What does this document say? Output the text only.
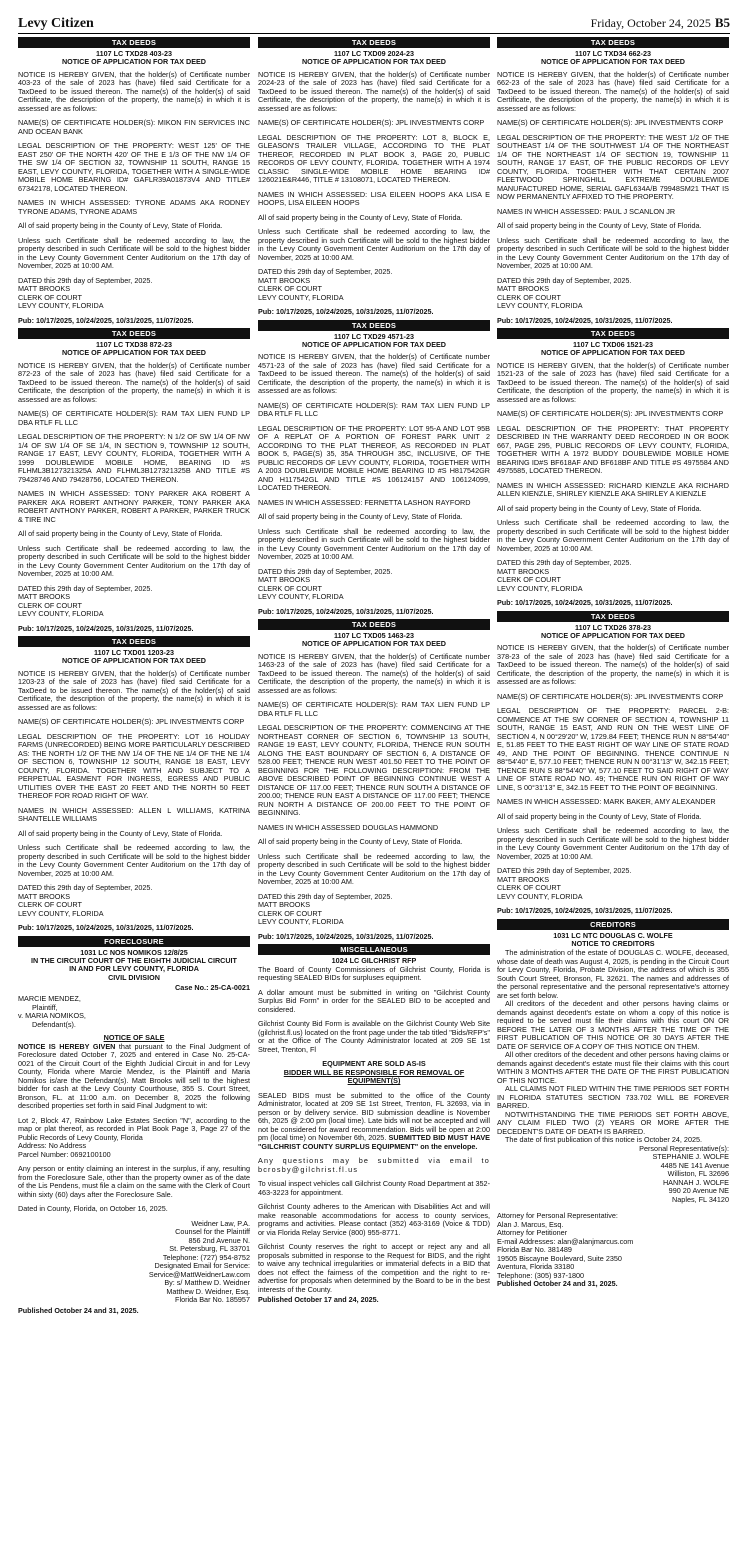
Levy Citizen	Friday, October 24, 2025 B5
TAX DEEDS
1107 LC TXD28 403-23
NOTICE OF APPLICATION FOR TAX DEED
NOTICE IS HEREBY GIVEN, that the holder(s) of Certificate number 403-23 of the sale of 2023 has (have) filed said Certificate for a TaxDeed to be issued thereon. The name(s) of the holder(s) of said Certificate, the description of the property, the name(s) in which it is assessed are as follows:
NAME(S) OF CERTIFICATE HOLDER(S): MIKON FIN SERVICES INC AND OCEAN BANK
LEGAL DESCRIPTION OF THE PROPERTY: WEST 125' OF THE EAST 250' OF THE NORTH 420' OF THE E 1/3 OF THE NW 1/4 OF THE SW 1/4 OF SECTION 32, TOWNSHIP 11 SOUTH, RANGE 15 EAST, LEVY COUNTY, FLORIDA, TOGETHER WITH A SINGLE-WIDE MOBILE HOME BEARING ID# GAFLR39A01873V4 AND TITLE# 67342178, LOCATED THEREON.
NAMES IN WHICH ASSESSED: TYRONE ADAMS AKA RODNEY TYRONE ADAMS, TYRONE ADAMS
All of said property being in the County of Levy, State of Florida.
Unless such Certificate shall be redeemed according to law, the property described in such Certificate will be sold to the highest bidder in the Levy County Government Center Auditorium on the 17th day of November, 2025 at 10:00 AM.
DATED this 29th day of September, 2025.
MATT BROOKS
CLERK OF COURT
LEVY COUNTY, FLORIDA
Pub: 10/17/2025, 10/24/2025, 10/31/2025, 11/07/2025.
TAX DEEDS
1107 LC TXD38 872-23
NOTICE OF APPLICATION FOR TAX DEED
NOTICE IS HEREBY GIVEN, that the holder(s) of Certificate number 872-23 of the sale of 2023 has (have) filed said Certificate for a TaxDeed to be issued thereon. The name(s) of the holder(s) of said Certificate, the description of the property, the name(s) in which it is assessed are as follows:
NAME(S) OF CERTIFICATE HOLDER(S): RAM TAX LIEN FUND LP DBA RTLF FL LLC
LEGAL DESCRIPTION OF THE PROPERTY: N 1/2 OF SW 1/4 OF NW 1/4 OF SW 1/4 OF SE 1/4, IN SECTION 9, TOWNSHIP 12 SOUTH, RANGE 17 EAST, LEVY COUNTY, FLORIDA, TOGETHER WITH A 1999 DOUBLEWIDE MOBILE HOME, BEARING ID #S FLHML3B127321325A AND FLHML3B127321325B AND TITLE #S 79428746 AND 79428756, LOCATED THEREON.
NAMES IN WHICH ASSESSED: TONY PARKER AKA ROBERT A PARKER AKA ROBERT ANTHONY PARKER, TONY PARKER AKA ROBERT ANTHONY PARKER, ROBERT A PARKER, PARKER TRUCK & TIRE INC
All of said property being in the County of Levy, State of Florida.
Unless such Certificate shall be redeemed according to law, the property described in such Certificate will be sold to the highest bidder in the Levy County Government Center Auditorium on the 17th day of November, 2025 at 10:00 AM.
DATED this 29th day of September, 2025.
MATT BROOKS
CLERK OF COURT
LEVY COUNTY, FLORIDA
Pub: 10/17/2025, 10/24/2025, 10/31/2025, 11/07/2025.
TAX DEEDS
1107 LC TXD01 1203-23
NOTICE OF APPLICATION FOR TAX DEED
NOTICE IS HEREBY GIVEN, that the holder(s) of Certificate number 1203-23 of the sale of 2023 has (have) filed said Certificate for a TaxDeed to be issued thereon. The name(s) of the holder(s) of said Certificate, the description of the property, the name(s) in which it is assessed are as follows:
NAME(S) OF CERTIFICATE HOLDER(S): JPL INVESTMENTS CORP
LEGAL DESCRIPTION OF THE PROPERTY: LOT 16 HOLIDAY FARMS (UNRECORDED) BEING MORE PARTICULARLY DESCRIBED AS: THE NORTH 1/2 OF THE NW 1/4 OF THE NE 1/4 OF THE NE 1/4 OF SECTION 6, TOWNSHIP 12 SOUTH, RANGE 18 EAST, LEVY COUNTY, FLORIDA. TOGETHER WITH AND SUBJECT TO A PERPETUAL EASMENT FOR INGRESS, EGRESS AND PUBLIC UTILITIES OVER THE EAST 20 FEET AND THE NORTH 50 FEET THEREOF FOR ROAD RIGHT OF WAY.
NAMES IN WHICH ASSESSED: ALLEN L WILLIAMS, KATRINA SHANTELLE WILLIAMS
All of said property being in the County of Levy, State of Florida.
Unless such Certificate shall be redeemed according to law, the property described in such Certificate will be sold to the highest bidder in the Levy County Government Center Auditorium on the 17th day of November, 2025 at 10:00 AM.
DATED this 29th day of September, 2025.
MATT BROOKS
CLERK OF COURT
LEVY COUNTY, FLORIDA
Pub: 10/17/2025, 10/24/2025, 10/31/2025, 11/07/2025.
FORECLOSURE
1031 LC NOS NOMIKOS 12/8/25
IN THE CIRCUIT COURT OF THE EIGHTH JUDICIAL CIRCUIT
IN AND FOR LEVY COUNTY, FLORIDA
CIVIL DIVISION
Case No.: 25-CA-0021
MARCIE MENDEZ,
Plaintiff,
v. MARIA NOMIKOS,
Defendant(s).
NOTICE OF SALE
NOTICE IS HEREBY GIVEN that pursuant to the Final Judgment of Foreclosure dated October 7, 2025 and entered in Case No. 25-CA-0021 of the Circuit Court of the Eighth Judicial Circuit in and for Levy County, Florida where Marcie Mendez, is the Plaintiff and Maria Nomikos is/are the Defendant(s). Matt Brooks will sell to the highest bidder for cash at the Levy County Courthouse, 355 S. Court Street, Bronson, FL. at 11:00 a.m. on December 8, 2025 the following described properties set forth in said Final Judgment to wit:
Lot 2, Block 47, Rainbow Lake Estates Section "N", according to the map or plat thereof, as recorded in Plat Book Page 3, Page 27 of the Public Records of Levy County, Florida
Address: No Address
Parcel Number: 0692100100
Any person or entity claiming an interest in the surplus, if any, resulting from the Foreclosure Sale, other than the property owner as of the date of the Lis Pendens, must file a claim on the same with the Clerk of Court within sixty (60) days after the Foreclosure Sale.
Dated in County, Florida, on October 16, 2025.
Weidner Law, P.A.
Counsel for the Plaintiff
856 2nd Avenue N.
St. Petersburg, FL 33701
Telephone: (727) 954-8752
Designated Email for Service:
Service@MattWeidnerLaw.com
By: s/ Matthew D. Weidner
Matthew D. Weidner, Esq.
Florida Bar No. 185957
Published October 24 and 31, 2025.
TAX DEEDS
1107 LC TXD09 2024-23
NOTICE OF APPLICATION FOR TAX DEED
NOTICE IS HEREBY GIVEN, that the holder(s) of Certificate number 2024-23 of the sale of 2023 has (have) filed said Certificate for a TaxDeed to be issued thereon. The name(s) of the holder(s) of said Certificate, the description of the property, the name(s) in which it is assessed are as follows:
NAME(S) OF CERTIFICATE HOLDER(S): JPL INVESTMENTS CORP
LEGAL DESCRIPTION OF THE PROPERTY: LOT 8, BLOCK E, GLEASON'S TRAILER VILLAGE, ACCORDING TO THE PLAT THEREOF, RECORDED IN PLAT BOOK 3, PAGE 20, PUBLIC RECORDS OF LEVY COUNTY, FLORIDA. TOGETHER WITH A 1974 CLASSIC SINGLE-WIDE MOBILE HOME BEARING ID# 126021E&R446, TITLE # 13108071, LOCATED THEREON.
NAMES IN WHICH ASSESSED: LISA EILEEN HOOPS AKA LISA E HOOPS, LISA EILEEN HOOPS
All of said property being in the County of Levy, State of Florida.
Unless such Certificate shall be redeemed according to law, the property described in such Certificate will be sold to the highest bidder in the Levy County Government Center Auditorium on the 17th day of November, 2025 at 10:00 AM.
DATED this 29th day of September, 2025.
MATT BROOKS
CLERK OF COURT
LEVY COUNTY, FLORIDA
Pub: 10/17/2025, 10/24/2025, 10/31/2025, 11/07/2025.
TAX DEEDS
1107 LC TXD29 4571-23
NOTICE OF APPLICATION FOR TAX DEED
NOTICE IS HEREBY GIVEN, that the holder(s) of Certificate number 4571-23 of the sale of 2023 has (have) filed said Certificate for a TaxDeed to be issued thereon. The name(s) of the holder(s) of said Certificate, the description of the property, the name(s) in which it is assessed are as follows:
NAME(S) OF CERTIFICATE HOLDER(S): RAM TAX LIEN FUND LP DBA RTLF FL LLC
LEGAL DESCRIPTION OF THE PROPERTY: LOT 95-A AND LOT 95B OF A REPLAT OF A PORTION OF FOREST PARK UNIT 2 ACCORDING TO THE PLAT THEREOF, AS RECORDED IN PLAT BOOK 5, PAGE(S) 35, 35A THROUGH 35C, INCLUSIVE, OF THE PUBLIC RECORDS OF LEVY COUNTY, FLORIDA, TOGETHER WITH A 2003 DOUBLEWIDE MOBILE HOME BEARING ID #S H817542GR AND H117542GL AND TITLE #S 106124157 AND 106124099, LOCATED THEREON.
NAMES IN WHICH ASSESSED: FERNETTA LASHON RAYFORD
All of said property being in the County of Levy, State of Florida.
Unless such Certificate shall be redeemed according to law, the property described in such Certificate will be sold to the highest bidder in the Levy County Government Center Auditorium on the 17th day of November, 2025 at 10:00 AM.
DATED this 29th day of September, 2025.
MATT BROOKS
CLERK OF COURT
LEVY COUNTY, FLORIDA
Pub: 10/17/2025, 10/24/2025, 10/31/2025, 11/07/2025.
TAX DEEDS
1107 LC TXD05 1463-23
NOTICE OF APPLICATION FOR TAX DEED
NOTICE IS HEREBY GIVEN, that the holder(s) of Certificate number 1463-23 of the sale of 2023 has (have) filed said Certificate for a TaxDeed to be issued thereon. The name(s) of the holder(s) of said Certificate, the description of the property, the name(s) in which it is assessed are as follows:
NAME(S) OF CERTIFICATE HOLDER(S): RAM TAX LIEN FUND LP DBA RTLF FL LLC
LEGAL DESCRIPTION OF THE PROPERTY: COMMENCING AT THE NORTHEAST CORNER OF SECTION 6, TOWNSHIP 13 SOUTH, RANGE 19 EAST, LEVY COUNTY, FLORIDA, THENCE RUN SOUTH ALONG THE EAST BOUNDARY OF SECTION 6, A DISTANCE OF 528.00 FEET; THENCE RUN WEST 401.50 FEET TO THE POINT OF BEGINNING FOR THE FOLLOWING DESCRIPTION: FROM THE ABOVE DESCRIBED POINT OF BEGINNING CONTINUE WEST A DISTANCE OF 117.00 FEET; THENCE RUN SOUTH A DISTANCE OF 200.00; THENCE RUN EAST A DISTANCE OF 117.00 FEET; THENCE RUN NORTH A DISTANCE OF 200.00 FEET TO THE POINT OF BEGINNING.
NAMES IN WHICH ASSESSED DOUGLAS HAMMOND
All of said property being in the County of Levy, State of Florida.
Unless such Certificate shall be redeemed according to law, the property described in such Certificate will be sold to the highest bidder in the Levy County Government Center Auditorium on the 17th day of November, 2025 at 10:00 AM.
DATED this 29th day of September, 2025.
MATT BROOKS
CLERK OF COURT
LEVY COUNTY, FLORIDA
Pub: 10/17/2025, 10/24/2025, 10/31/2025, 11/07/2025.
MISCELLANEOUS
1024 LC GILCHRIST RFP
The Board of County Commissioners of Gilchrist County, Florida is requesting SEALED BIDs for surpluses equipment.
A dollar amount must be submitted in writing on "Gilchrist County Surplus Bid Form" in order for the SEALED BID to be accepted and considered.
Gilchrist County Bid Form is available on the Gilchrist County Web Site (gilchrist.fl.us) located on the front page under the tab titled "Bids/RFP's" or at the Office of The County Administrator located at 209 SE 1st Street, Trenton, Fl
EQUIPMENT ARE SOLD AS-IS
BIDDER WILL BE RESPONSIBLE FOR REMOVAL OF EQUIPMENT(S)
SEALED BIDS must be submitted to the office of the County Administrator, located at 209 SE 1st Street, Trenton, FL 32693, via in person or by delivery service. BID submission deadline is November 6th, 2025 @ 2:00 pm (local time). Late bids will not be accepted and will not be considered for award recommendation. Bids will be open at 2:00 pm (local time) on November 6th, 2025. SUBMITTED BID MUST HAVE "GILCHRIST COUNTY SURPLUS EQUIPMENT" on the envelope.
Any questions may be submitted via email to bcrosby@gilchrist.fl.us
To visual inspect vehicles call Gilchrist County Road Department at 352-463-3223 for appointment.
Gilchrist County adheres to the American with Disabilities Act and will make reasonable accommodations for access to county services, programs and activities. Please contact (352) 463-3169 (Voice & TDD) or via Florida Relay Service (800) 955-8771.
Gilchrist County reserves the right to accept or reject any and all proposals submitted in response to the Request for BIDS, and the right to waive any technical irregularities or immaterial defects in a BID that does not effect the fairness of the competition and the right to re-advertise for proposals when determined by the Board to be in the best interests of the County.
Published October 17 and 24, 2025.
TAX DEEDS
1107 LC TXD34 662-23
NOTICE OF APPLICATION FOR TAX DEED
NOTICE IS HEREBY GIVEN, that the holder(s) of Certificate number 662-23 of the sale of 2023 has (have) filed said Certificate for a TaxDeed to be issued thereon. The name(s) of the holder(s) of said Certificate, the description of the property, the name(s) in which it is assessed are as follows:
NAME(S) OF CERTIFICATE HOLDER(S): JPL INVESTMENTS CORP
LEGAL DESCRIPTION OF THE PROPERTY: THE WEST 1/2 OF THE SOUTHEAST 1/4 OF THE SOUTHWEST 1/4 OF THE NORTHEAST 1/4 OF THE NORTHEAST 1/4 OF SECTION 19, TOWNSHIP 11 SOUTH, RANGE 17 EAST, OF THE PUBLIC RECORDS OF LEVY COUNTY, FLORIDA. TOGETHER WITH THAT CERTAIN 2007 FLEETWOOD SPRINGHILL EXTREME DOUBLEWIDE MANUFACTURED HOME, SERIAL GAFL634A/B 79948SM21 THAT IS NOW PERMANENTLY AFFIXED TO THE PROPERTY.
NAMES IN WHICH ASSESSED: PAUL J SCANLON JR
All of said property being in the County of Levy, State of Florida.
Unless such Certificate shall be redeemed according to law, the property described in such Certificate will be sold to the highest bidder in the Levy County Government Center Auditorium on the 17th day of November, 2025 at 10:00 AM.
DATED this 29th day of September, 2025.
MATT BROOKS
CLERK OF COURT
LEVY COUNTY, FLORIDA
Pub: 10/17/2025, 10/24/2025, 10/31/2025, 11/07/2025.
TAX DEEDS
1107 LC TXD06 1521-23
NOTICE OF APPLICATION FOR TAX DEED
NOTICE IS HEREBY GIVEN, that the holder(s) of Certificate number 1521-23 of the sale of 2023 has (have) filed said Certificate for a TaxDeed to be issued thereon. The name(s) of the holder(s) of said Certificate, the description of the property, the name(s) in which it is assessed are as follows:
NAME(S) OF CERTIFICATE HOLDER(S): JPL INVESTMENTS CORP
LEGAL DESCRIPTION OF THE PROPERTY: THAT PROPERTY DESCRIBED IN THE WARRANTY DEED RECORDED IN OR BOOK 667, PAGE 295, PUBLIC RECORDS OF LEVY COUNTY, FLORIDA, TOGETHER WITH A 1972 BUDDY DOUBLEWIDE MOBILE HOME BEARING ID#S BF618AF AND BF618BF AND TITLE #S 4975584 AND 4975585, LOCATED THEREON.
NAMES IN WHICH ASSESSED: RICHARD KIENZLE AKA RICHARD ALLEN KIENZLE, SHIRLEY KIENZLE AKA SHIRLEY A KIENZLE
All of said property being in the County of Levy, State of Florida.
Unless such Certificate shall be redeemed according to law, the property described in such Certificate will be sold to the highest bidder in the Levy County Government Center Auditorium on the 17th day of November, 2025 at 10:00 AM.
DATED this 29th day of September, 2025.
MATT BROOKS
CLERK OF COURT
LEVY COUNTY, FLORIDA
Pub: 10/17/2025, 10/24/2025, 10/31/2025, 11/07/2025.
TAX DEEDS
1107 LC TXD26 378-23
NOTICE OF APPLICATION FOR TAX DEED
NOTICE IS HEREBY GIVEN, that the holder(s) of Certificate number 378-23 of the sale of 2023 has (have) filed said Certificate for a TaxDeed to be issued thereon. The name(s) of the holder(s) of said Certificate, the description of the property, the name(s) in which it is assessed are as follows:
NAME(S) OF CERTIFICATE HOLDER(S): JPL INVESTMENTS CORP
LEGAL DESCRIPTION OF THE PROPERTY: PARCEL 2-B: COMMENCE AT THE SW CORNER OF SECTION 4, TOWNSHIP 11 SOUTH, RANGE 15 EAST, AND RUN ON THE WEST LINE OF SECTION 4, N 00°29'20" W, 1729.84 FEET; THENCE RUN N 88°54'40" E, 51.85 FEET TO THE EAST RIGHT OF WAY LINE OF STATE ROAD 49, AND THE POINT OF BEGINNING. THENCE CONTINUE N 88°54'40" E, 577.10 FEET; THENCE RUN N 00°31'13" W, 342.15 FEET; THENCE RUN S 88°54'40" W, 577.10 FEET TO SAID RIGHT OF WAY LINE OF STATE ROAD NO. 49; THENCE RUN ON RIGHT OF WAY LINE, S 00°31'13" E, 342.15 FEET TO THE POINT OF BEGINNING.
NAMES IN WHICH ASSESSED: MARK BAKER, AMY ALEXANDER
All of said property being in the County of Levy, State of Florida.
Unless such Certificate shall be redeemed according to law, the property described in such Certificate will be sold to the highest bidder in the Levy County Government Center Auditorium on the 17th day of November, 2025 at 10:00 AM.
DATED this 29th day of September, 2025.
MATT BROOKS
CLERK OF COURT
LEVY COUNTY, FLORIDA
Pub: 10/17/2025, 10/24/2025, 10/31/2025, 11/07/2025.
CREDITORS
1031 LC NTC DOUGLAS C. WOLFE
NOTICE TO CREDITORS
The administration of the estate of DOUGLAS C. WOLFE, deceased, whose date of death was August 4, 2025, is pending in the Circuit Court for Levy County, Florida, Probate Division, the address of which is 355 South Court Street, Bronson, FL 32621. The names and addresses of the personal representative and the personal representative's attorney are set forth below.
All creditors of the decedent and other persons having claims or demands against decedent's estate on whom a copy of this notice is required to be served must file their claims with this court ON OR BEFORE THE LATER OF 3 MONTHS AFTER THE TIME OF THE FIRST PUBLICATION OF THIS NOTICE OR 30 DAYS AFTER THE DATE OF SERVICE OF A COPY OF THIS NOTICE ON THEM.
All other creditors of the decedent and other persons having claims or demands against decedent's estate must file their claims with this court WITHIN 3 MONTHS AFTER THE DATE OF THE FIRST PUBLICATION OF THIS NOTICE.
ALL CLAIMS NOT FILED WITHIN THE TIME PERIODS SET FORTH IN FLORIDA STATUTES SECTION 733.702 WILL BE FOREVER BARRED.
NOTWITHSTANDING THE TIME PERIODS SET FORTH ABOVE, ANY CLAIM FILED TWO (2) YEARS OR MORE AFTER THE DECEDENT'S DATE OF DEATH IS BARRED.
The date of first publication of this notice is October 24, 2025.
Personal Representative(s):
STEPHANIE J. WOLFE
4485 NE 141 Avenue
Williston, FL 32696
HANNAH J. WOLFE
990 20 Avenue NE
Naples, FL 34120
Attorney for Personal Representative:
Alan J. Marcus, Esq.
Attorney for Petitioner
E-mail Addresses: alan@alanjmarcus.com
Florida Bar No. 381489
19505 Biscayne Boulevard, Suite 2350
Aventura, Florida 33180
Telephone: (305) 937-1800
Published October 24 and 31, 2025.
